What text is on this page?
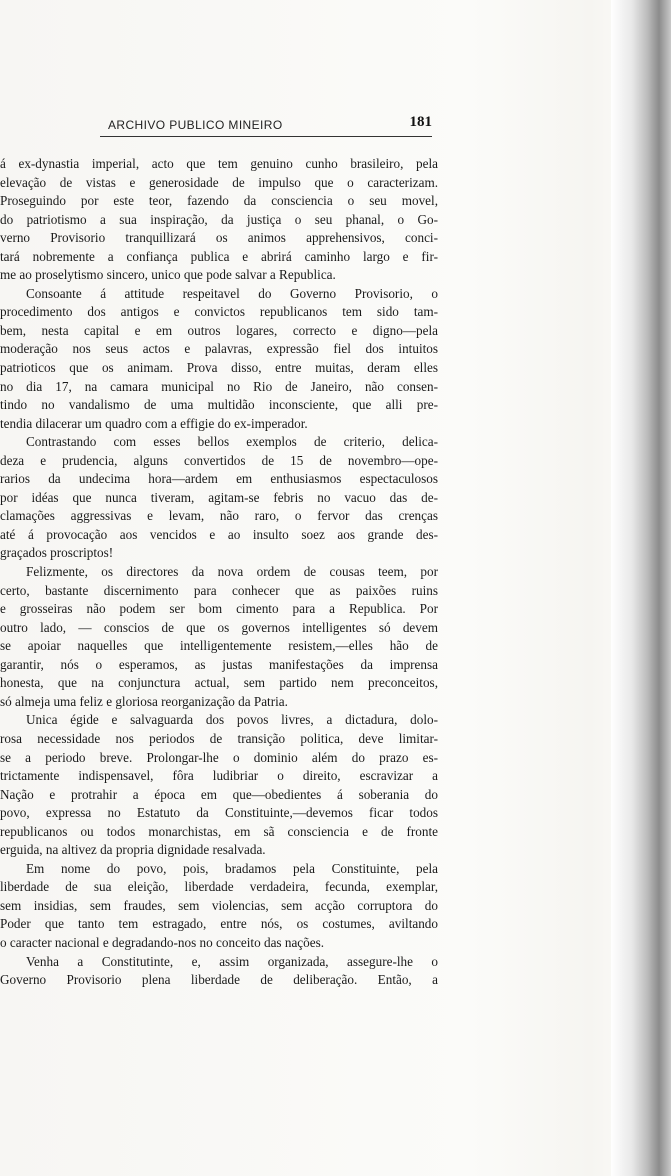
ARCHIVO PUBLICO MINEIRO	181
á ex-dynastia imperial, acto que tem genuino cunho brasileiro, pela
elevação de vistas e generosidade de impulso que o caracterizam.
Proseguindo por este teor, fazendo da consciencia o seu movel,
do patriotismo a sua inspiração, da justiça o seu phanal, o Go-
verno Provisorio tranquillizará os animos apprehensivos, conci-
tará nobremente a confiança publica e abrirá caminho largo e fir-
me ao proselytismo sincero, unico que pode salvar a Republica.
Consoante á attitude respeitavel do Governo Provisorio, o
procedimento dos antigos e convictos republicanos tem sido tam-
bem, nesta capital e em outros logares, correcto e digno—pela
moderação nos seus actos e palavras, expressão fiel dos intuitos
patrioticos que os animam. Prova disso, entre muitas, deram elles
no dia 17, na camara municipal no Rio de Janeiro, não consen-
tindo no vandalismo de uma multidão inconsciente, que alli pre-
tendia dilacerar um quadro com a effigie do ex-imperador.
Contrastando com esses bellos exemplos de criterio, delica-
deza e prudencia, alguns convertidos de 15 de novembro—ope-
rarios da undecima hora—ardem em enthusiasmos espectaculosos
por idéas que nunca tiveram, agitam-se febris no vacuo das de-
clamações aggressivas e levam, não raro, o fervor das crenças
até á provocação aos vencidos e ao insulto soez aos grande des-
graçados proscriptos!
Felizmente, os directores da nova ordem de cousas teem, por
certo, bastante discernimento para conhecer que as paixões ruins
e grosseiras não podem ser bom cimento para a Republica. Por
outro lado, — conscios de que os governos intelligentes só devem
se apoiar naquelles que intelligentemente resistem,—elles hão de
garantir, nós o esperamos, as justas manifestações da imprensa
honesta, que na conjunctura actual, sem partido nem preconceitos,
só almeja uma feliz e gloriosa reorganização da Patria.
Unica égide e salvaguarda dos povos livres, a dictadura, dolo-
rosa necessidade nos periodos de transição politica, deve limitar-
se a periodo breve. Prolongar-lhe o dominio além do prazo es-
trictamente indispensavel, fôra ludibriar o direito, escravizar a
Nação e protrahir a época em que—obedientes á soberania do
povo, expressa no Estatuto da Constituinte,—devemos ficar todos
republicanos ou todos monarchistas, em sã consciencia e de fronte
erguida, na altivez da propria dignidade resalvada.
Em nome do povo, pois, bradamos pela Constituinte, pela
liberdade de sua eleição, liberdade verdadeira, fecunda, exemplar,
sem insidias, sem fraudes, sem violencias, sem acção corruptora do
Poder que tanto tem estragado, entre nós, os costumes, aviltando
o caracter nacional e degradando-nos no conceito das nações.
Venha a Constitutinte, e, assim organizada, assegure-lhe o
Governo Provisorio plena liberdade de deliberação. Então, a
